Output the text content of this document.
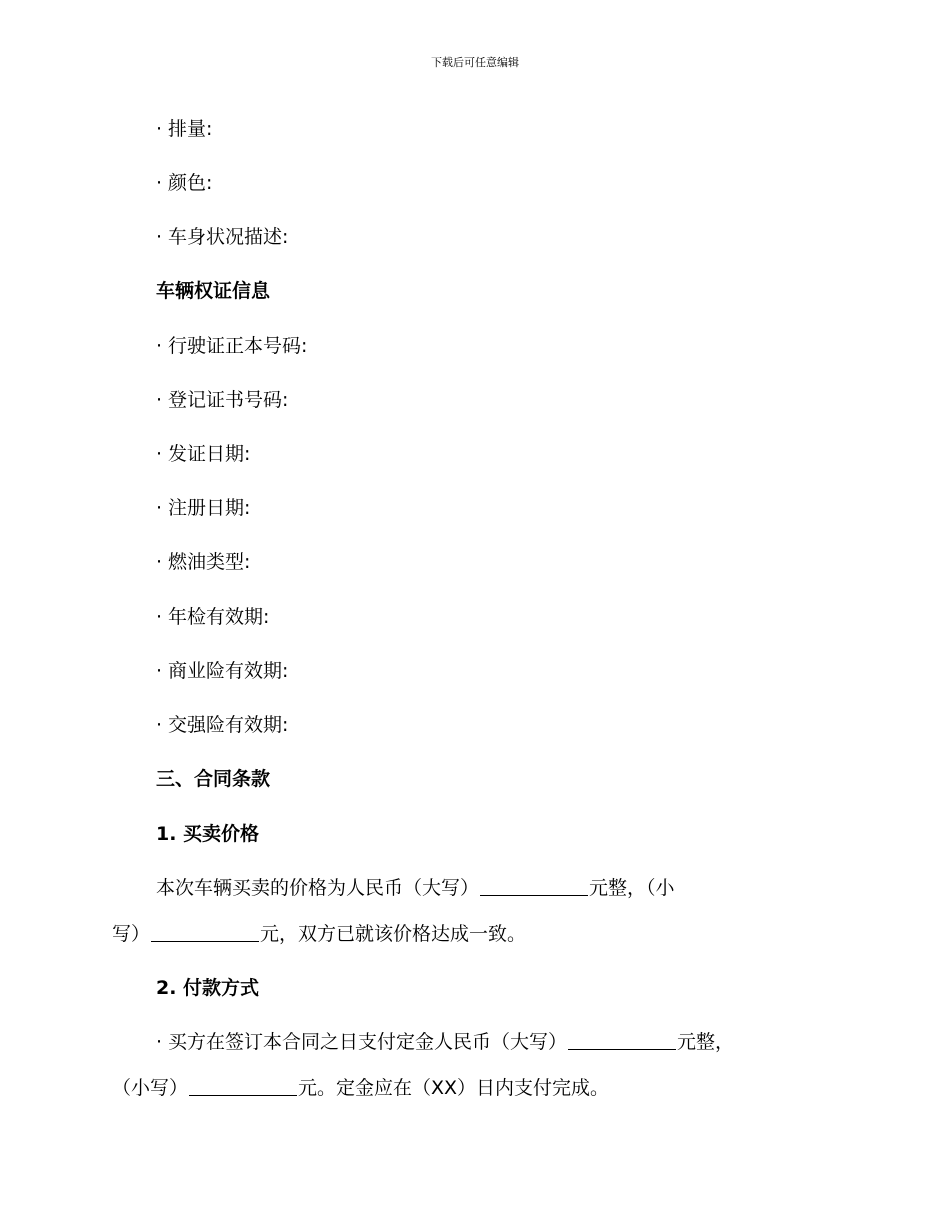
下载后可任意编辑
· 排量:
· 颜色:
· 车身状况描述:
车辆权证信息
· 行驶证正本号码:
· 登记证书号码:
· 发证日期:
· 注册日期:
· 燃油类型:
· 年检有效期:
· 商业险有效期:
· 交强险有效期:
三、合同条款
1. 买卖价格
本次车辆买卖的价格为人民币（大写）	元整，（小
写）	元，双方已就该价格达成一致。
2. 付款方式
· 买方在签订本合同之日支付定金人民币（大写）	元整，
（小写）	元。定金应在（XX）日内支付完成。
